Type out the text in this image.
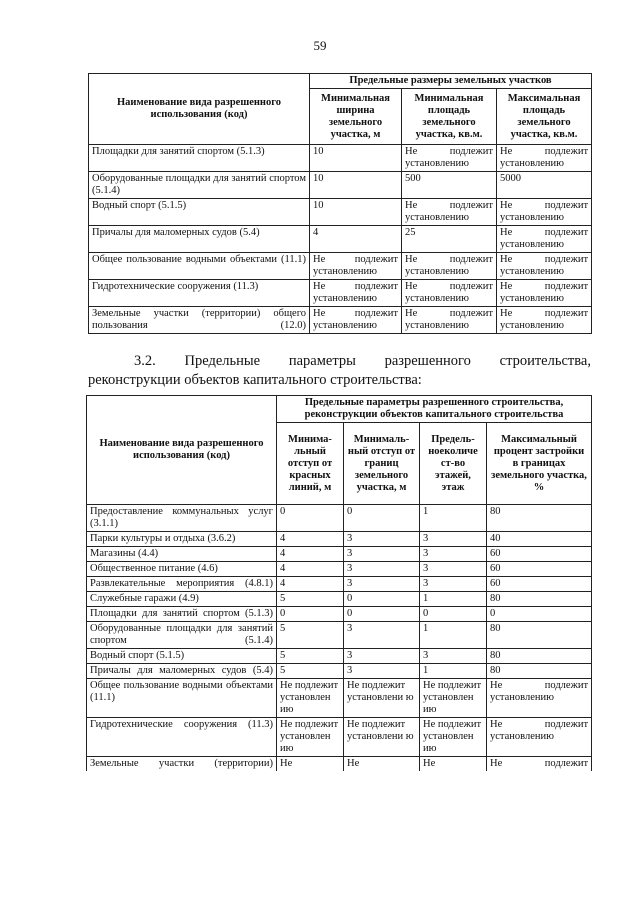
59
Наименование вида разрешенного использования (код)	Предельные размеры земельных участков		
	Минимальная ширина земельного участка, м	Минимальная площадь земельного участка, кв.м.	Максимальная площадь земельного участка, кв.м.
Площадки для занятий спортом (5.1.3)	10	Не подлежит установлению	Не подлежит установлению
Оборудованные площадки для занятий спортом (5.1.4)	10	500	5000
Водный спорт (5.1.5)	10	Не подлежит установлению	Не подлежит установлению
Причалы для маломерных судов (5.4)	4	25	Не подлежит установлению
Общее пользование водными объектами (11.1)	Не подлежит установлению	Не подлежит установлению	Не подлежит установлению
Гидротехнические сооружения (11.3)	Не подлежит установлению	Не подлежит установлению	Не подлежит установлению
Земельные участки (территории) общего пользования (12.0)	Не подлежит установлению	Не подлежит установлению	Не подлежит установлению
3.2. Предельные параметры разрешенного строительства,
реконструкции объектов капитального строительства:
Наименование вида разрешенного использования (код)	Предельные параметры разрешенного строительства, реконструкции объектов капитального строительства			
	Минима-льный отступ от красных линий, м	Минималь-ный отступ от границ земельного участка, м	Предель-ноеколиче ст-во этажей, этаж	Максимальный процент застройки в границах земельного участка, %
Предоставление коммунальных услуг (3.1.1)	0	0	1	80
Парки культуры и отдыха (3.6.2)	4	3	3	40
Магазины (4.4)	4	3	3	60
Общественное питание (4.6)	4	3	3	60
Развлекательные мероприятия (4.8.1)	4	3	3	60
Служебные гаражи (4.9)	5	0	1	80
Площадки для занятий спортом (5.1.3)	0	0	0	0
Оборудованные площадки для занятий спортом (5.1.4)	5	3	1	80
Водный спорт (5.1.5)	5	3	3	80
Причалы для маломерных судов (5.4)	5	3	1	80
Общее пользование водными объектами (11.1)	Не подлежит установлен ию	Не подлежит установлени ю	Не подлежит установлен ию	Не подлежит установлению
Гидротехнические сооружения (11.3)	Не подлежит установлен ию	Не подлежит установлени ю	Не подлежит установлен ию	Не подлежит установлению
Земельные участки (территории)	Не	Не	Не	Не подлежит
